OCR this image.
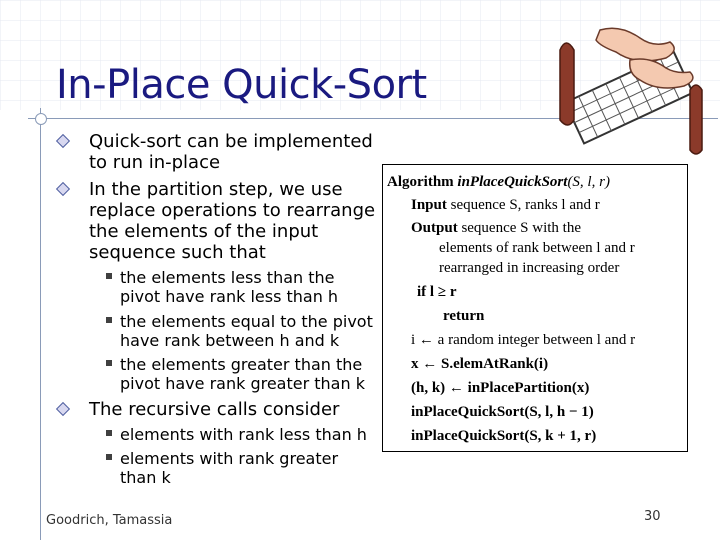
In-Place Quick-Sort
Quick-sort can be implemented
to run in-place
In the partition step, we use
replace operations to rearrange
the elements of the input
sequence such that
the elements less than the
pivot have rank less than h
the elements equal to the pivot
have rank between h and k
the elements greater than the
pivot have rank greater than k
The recursive calls consider
elements with rank less than h
elements with rank greater
than k
Algorithm inPlaceQuickSort(S, l, r)
Input sequence S, ranks l and r
Output sequence S with the
elements of rank between l and r
rearranged in increasing order
if l ≥ r
return
i ← a random integer between l and r
x ← S.elemAtRank(i)
(h, k) ← inPlacePartition(x)
inPlaceQuickSort(S, l, h − 1)
inPlaceQuickSort(S, k + 1, r)
Goodrich, Tamassia	30
